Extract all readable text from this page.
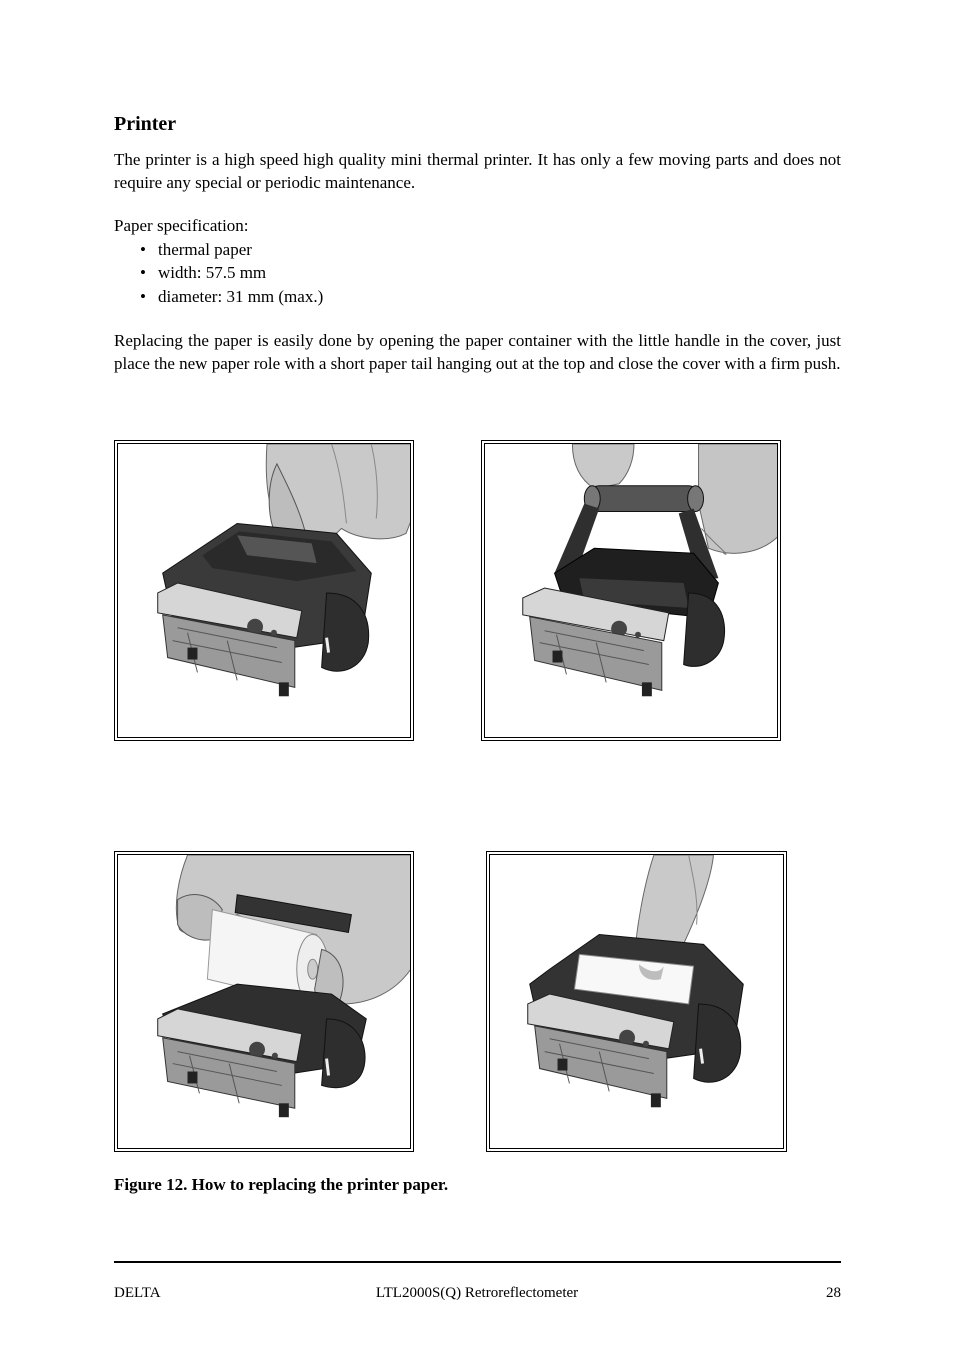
Printer

The printer is a high speed high quality mini thermal printer. It has only a few moving parts and does not require any special or periodic maintenance.

Paper specification:

• thermal paper
• width: 57.5 mm
• diameter: 31 mm (max.)

Replacing the paper is easily done by opening the paper container with the little handle in the cover, just place the new paper role with a short paper tail hanging out at the top and close the cover with a firm push.

Figure 12. How to replacing the printer paper.

DELTA	LTL2000S(Q) Retroreflectometer	28
